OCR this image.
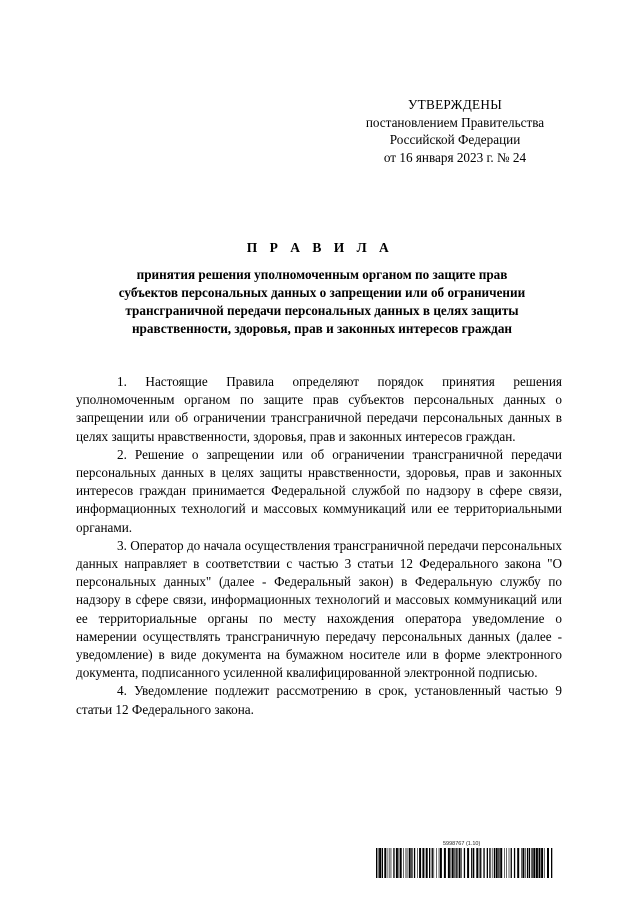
УТВЕРЖДЕНЫ
постановлением Правительства
Российской Федерации
от 16 января 2023 г. № 24
П Р А В И Л А
принятия решения уполномоченным органом по защите прав
субъектов персональных данных о запрещении или об ограничении
трансграничной передачи персональных данных в целях защиты
нравственности, здоровья, прав и законных интересов граждан

1. Настоящие Правила определяют порядок принятия решения уполномоченным органом по защите прав субъектов персональных данных о запрещении или об ограничении трансграничной передачи персональных данных в целях защиты нравственности, здоровья, прав и законных интересов граждан.

2. Решение о запрещении или об ограничении трансграничной передачи персональных данных в целях защиты нравственности, здоровья, прав и законных интересов граждан принимается Федеральной службой по надзору в сфере связи, информационных технологий и массовых коммуникаций или ее территориальными органами.

3. Оператор до начала осуществления трансграничной передачи персональных данных направляет в соответствии с частью 3 статьи 12 Федерального закона "О персональных данных" (далее - Федеральный закон) в Федеральную службу по надзору в сфере связи, информационных технологий и массовых коммуникаций или ее территориальные органы по месту нахождения оператора уведомление о намерении осуществлять трансграничную передачу персональных данных (далее - уведомление) в виде документа на бумажном носителе или в форме электронного документа, подписанного усиленной квалифицированной электронной подписью.

4. Уведомление подлежит рассмотрению в срок, установленный частью 9 статьи 12 Федерального закона.

5998767 (1.10)
